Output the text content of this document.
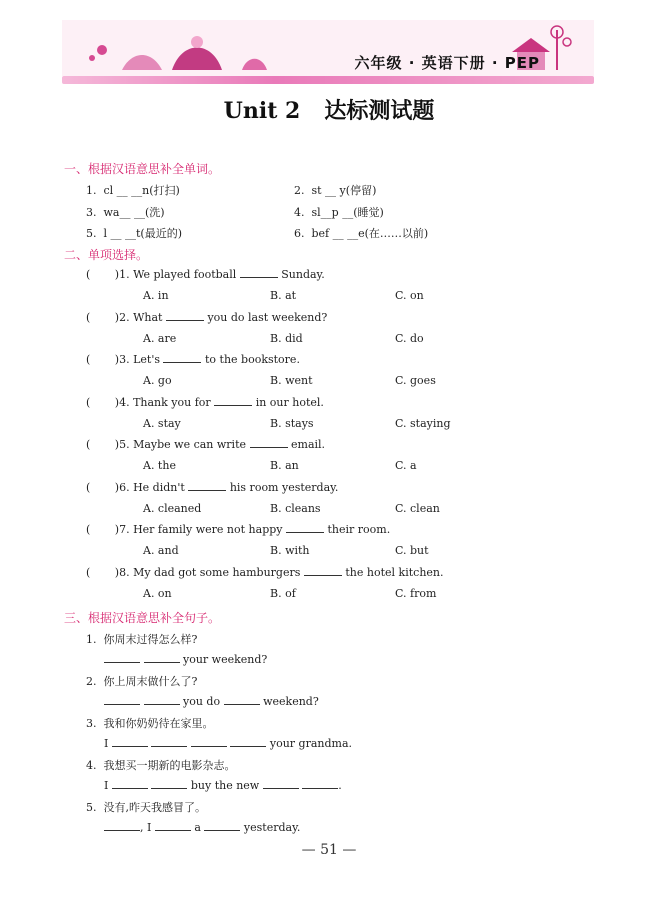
六年级 · 英语下册 · PEP
Unit 2 达标测试题
一、根据汉语意思补全单词。
1. cl __ __n(打扫)	2. st __ y(停留)
3. wa__ __(洗)	4. sl__p __(睡觉)
5. l __ __t(最近的)	6. bef __ __e(在……以前)
二、单项选择。
(       )1. We played football	Sunday.
A. in	B. at	C. on
(       )2. What	you do last weekend?
A. are	B. did	C. do
(       )3. Let's	to the bookstore.
A. go	B. went	C. goes
(       )4. Thank you for	in our hotel.
A. stay	B. stays	C. staying
(       )5. Maybe we can write	email.
A. the	B. an	C. a
(       )6. He didn't	his room yesterday.
A. cleaned	B. cleans	C. clean
(       )7. Her family were not happy	their room.
A. and	B. with	C. but
(       )8. My dad got some hamburgers	the hotel kitchen.
A. on	B. of	C. from
三、根据汉语意思补全句子。
1. 你周末过得怎么样?
your weekend?
2. 你上周末做什么了?
you do	weekend?
3. 我和你奶奶待在家里。
I	your grandma.
4. 我想买一期新的电影杂志。
I	buy the new	.
5. 没有,昨天我感冒了。
, I	a	yesterday.
— 51 —
